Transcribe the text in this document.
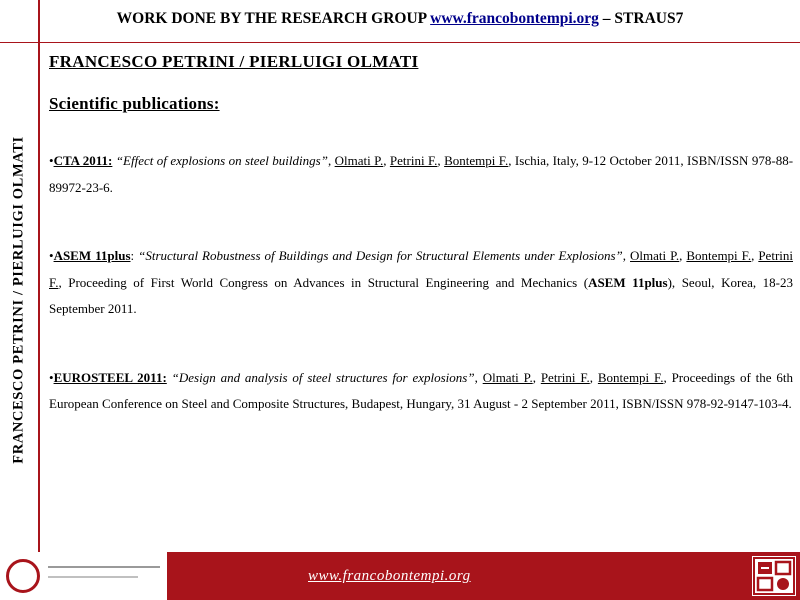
WORK DONE BY THE RESEARCH GROUP www.francobontempi.org – STRAUS7
FRANCESCO PETRINI / PIERLUIGI OLMATI
FRANCESCO PETRINI / PIERLUIGI OLMATI
Scientific publications:
•CTA 2011: “Effect of explosions on steel buildings”, Olmati P., Petrini F., Bontempi F., Ischia, Italy, 9-12 October 2011, ISBN/ISSN 978-88-89972-23-6.
•ASEM 11plus: “Structural Robustness of Buildings and Design for Structural Elements under Explosions”, Olmati P., Bontempi F., Petrini F., Proceeding of First World Congress on Advances in Structural Engineering and Mechanics (ASEM 11plus), Seoul, Korea, 18-23 September 2011.
•EUROSTEEL 2011: “Design and analysis of steel structures for explosions”, Olmati P., Petrini F., Bontempi F., Proceedings of the 6th European Conference on Steel and Composite Structures, Budapest, Hungary, 31 August - 2 September 2011, ISBN/ISSN 978-92-9147-103-4.
www.francobontempi.org
